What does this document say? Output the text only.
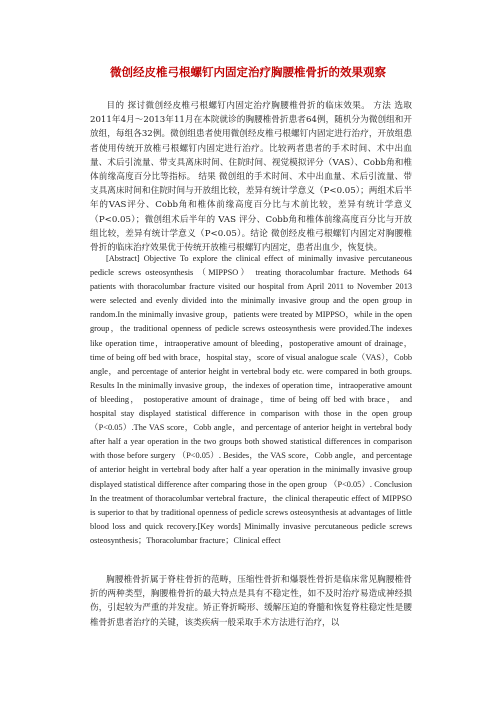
微创经皮椎弓根螺钉内固定治疗胸腰椎骨折的效果观察

目的 探讨微创经皮椎弓根螺钉内固定治疗胸腰椎骨折的临床效果。 方法 选取2011年4月～2013年11月在本院就诊的胸腰椎骨折患者64例，随机分为微创组和开放组，每组各32例。微创组患者使用微创经皮椎弓根螺钉内固定进行治疗，开放组患者使用传统开放椎弓根螺钉内固定进行治疗。比较两者患者的手术时间、术中出血量、术后引流量、带支具离床时间、住院时间、视觉模拟评分（VAS）、Cobb角和椎体前缘高度百分比等指标。 结果 微创组的手术时间、术中出血量、术后引流量、带支具离床时间和住院时间与开放组比较，差异有统计学意义（P<0.05）；两组术后半年的VAS评分、Cobb角和椎体前缘高度百分比与术前比较，差异有统计学意义（P<0.05）；微创组术后半年的 VAS 评分、Cobb角和椎体前缘高度百分比与开放组比较，差异有统计学意义（P<0.05）。结论 微创经皮椎弓根螺钉内固定对胸腰椎骨折的临床治疗效果优于传统开放椎弓根螺钉内固定，患者出血少，恢复快。

[Abstract] Objective To explore the clinical effect of minimally invasive percutaneous pedicle screws osteosynthesis （MIPPSO） treating thoracolumbar fracture. Methods 64 patients with thoracolumbar fracture visited our hospital from April 2011 to November 2013 were selected and evenly divided into the minimally invasive group and the open group in random.In the minimally invasive group，patients were treated by MIPPSO，while in the open group，the traditional openness of pedicle screws osteosynthesis were provided.The indexes like operation time，intraoperative amount of bleeding，postoperative amount of drainage，time of being off bed with brace，hospital stay，score of visual analogue scale（VAS），Cobb angle，and percentage of anterior height in vertebral body etc. were compared in both groups. Results In the minimally invasive group，the indexes of operation time，intraoperative amount of bleeding， postoperative amount of drainage，time of being off bed with brace， and hospital stay displayed statistical difference in comparison with those in the open group （P<0.05）.The VAS score，Cobb angle，and percentage of anterior height in vertebral body after half a year operation in the two groups both showed statistical differences in comparison with those before surgery （P<0.05）. Besides，the VAS score，Cobb angle，and percentage of anterior height in vertebral body after half a year operation in the minimally invasive group displayed statistical difference after comparing those in the open group （P<0.05）. Conclusion In the treatment of thoracolumbar vertebral fracture，the clinical therapeutic effect of MIPPSO is superior to that by traditional openness of pedicle screws osteosynthesis at advantages of little blood loss and quick recovery.[Key words] Minimally invasive percutaneous pedicle screws osteosynthesis；Thoracolumbar fracture；Clinical effect

胸腰椎骨折属于脊柱骨折的范畴，压缩性骨折和爆裂性骨折是临床常见胸腰椎骨折的两种类型，胸腰椎骨折的最大特点是具有不稳定性，如不及时治疗易造成神经损伤，引起较为严重的并发症。矫正脊折畸形、缓解压迫的脊髓和恢复脊柱稳定性是腰椎骨折患者治疗的关键，该类疾病一般采取手术方法进行治疗，以
